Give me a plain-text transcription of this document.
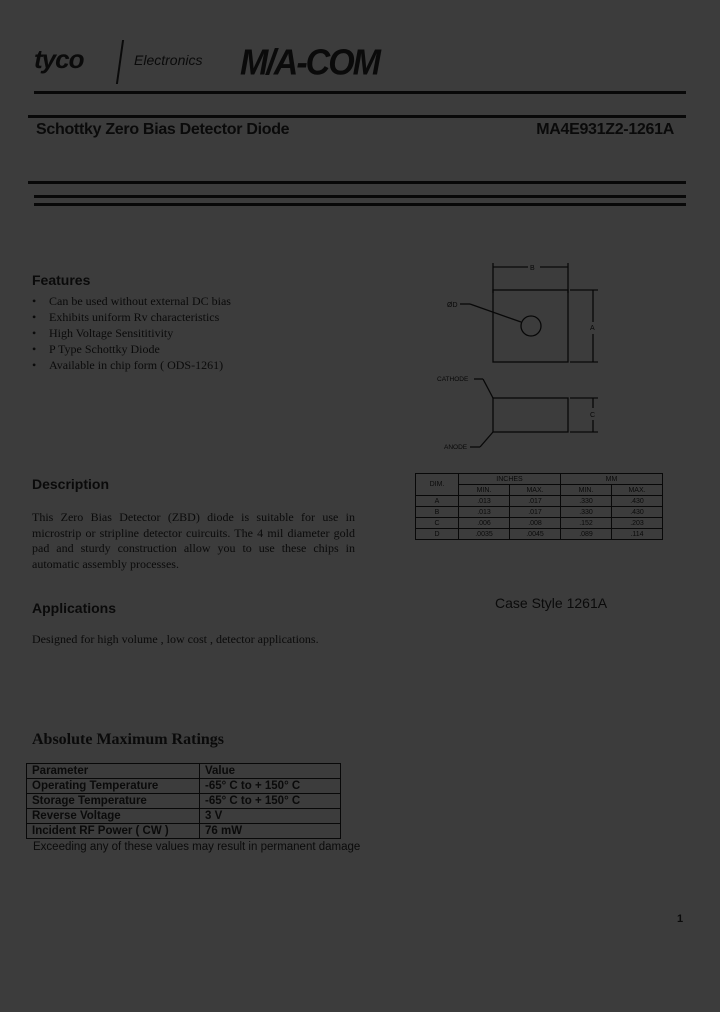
tyco	Electronics M/A-COM
Schottky Zero Bias Detector Diode	MA4E931Z2-1261A
Features
• Can be used without external DC bias
• Exhibits uniform Rv characteristics
• High Voltage Sensititivity
• P Type Schottky Diode
• Available in chip form ( ODS-1261)
Description
This Zero Bias Detector (ZBD) diode is suitable for use in microstrip or stripline detector cuircuits. The 4 mil diameter gold pad and sturdy construction allow you to use these chips in automatic assembly processes.
Applications
Designed for high volume , low cost , detector applications.
B
A
ØD
C
CATHODE
ANODE
DIM.	INCHES		MM	
	MIN.	MAX.	MIN.	MAX.
A	.013	.017	.330	.430
B	.013	.017	.330	.430
C	.006	.008	.152	.203
D	.0035	.0045	.089	.114
Case Style 1261A
Absolute Maximum Ratings
Parameter	Value
Operating Temperature	-65° C to + 150° C
Storage Temperature	-65° C to + 150° C
Reverse Voltage	3 V
Incident RF Power ( CW )	76 mW
Exceeding any of these values may result in permanent damage
1
